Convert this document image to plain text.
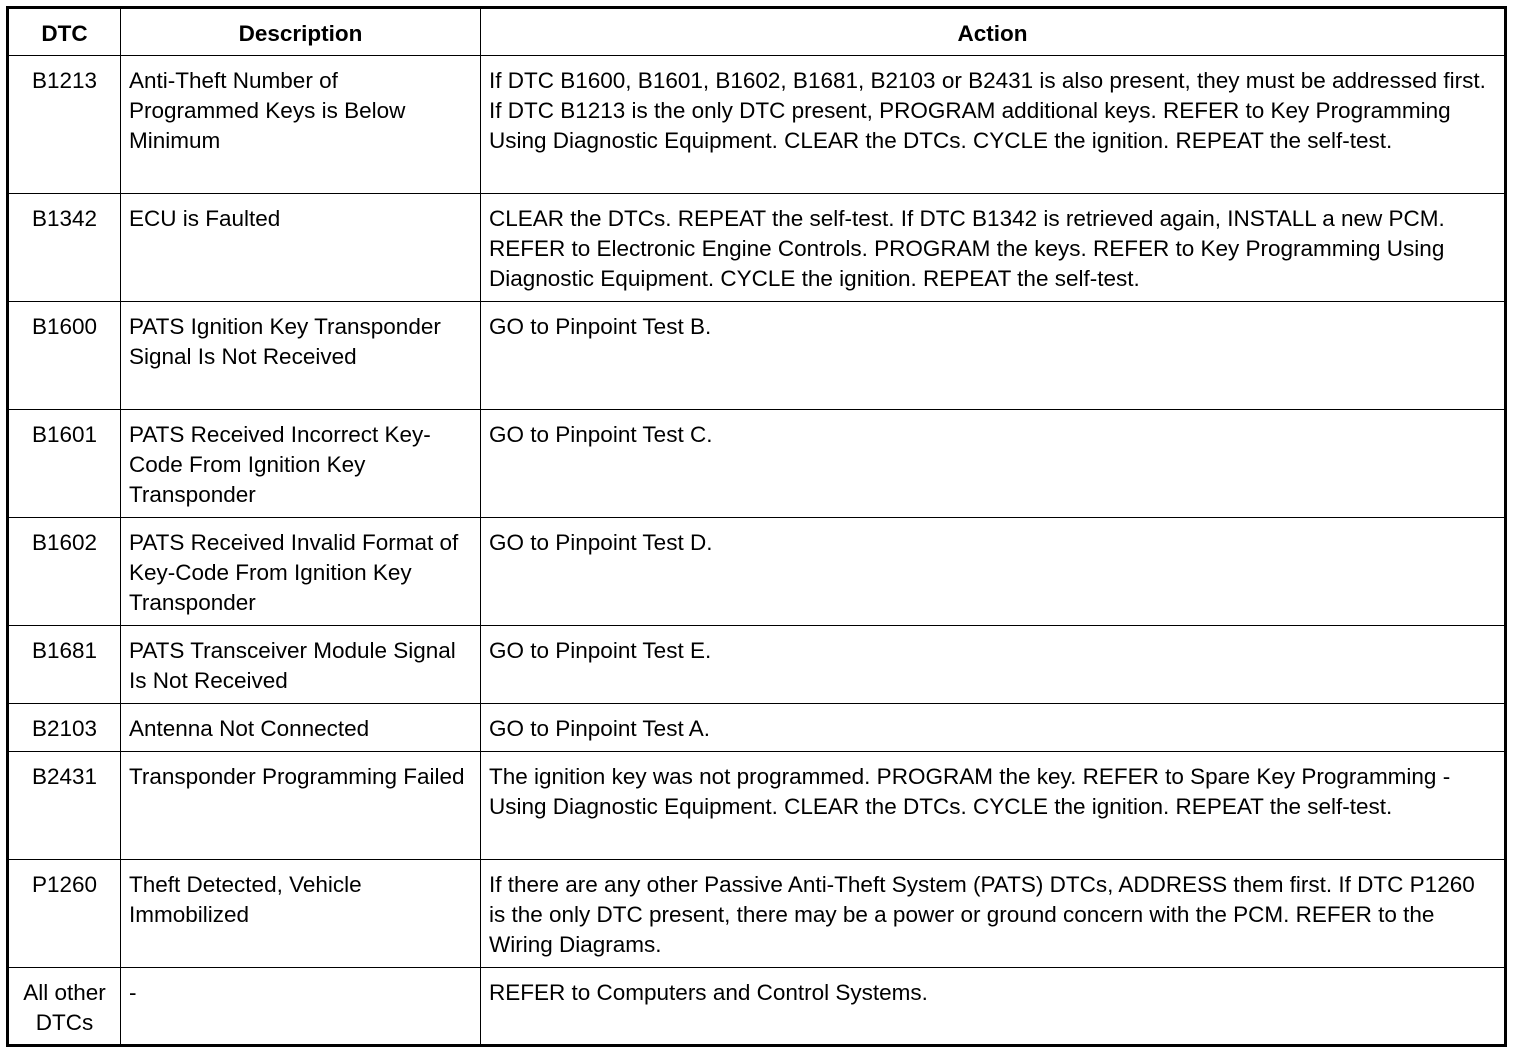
DTC	Description	Action
B1213	Anti-Theft Number of Programmed Keys is Below Minimum	If DTC B1600, B1601, B1602, B1681, B2103 or B2431 is also present, they must be addressed first. If DTC B1213 is the only DTC present, PROGRAM additional keys. REFER to Key Programming Using Diagnostic Equipment. CLEAR the DTCs. CYCLE the ignition. REPEAT the self-test.
B1342	ECU is Faulted	CLEAR the DTCs. REPEAT the self-test. If DTC B1342 is retrieved again, INSTALL a new PCM. REFER to Electronic Engine Controls. PROGRAM the keys. REFER to Key Programming Using Diagnostic Equipment. CYCLE the ignition. REPEAT the self-test.
B1600	PATS Ignition Key Transponder Signal Is Not Received	GO to Pinpoint Test B.
B1601	PATS Received Incorrect Key-Code From Ignition Key Transponder	GO to Pinpoint Test C.
B1602	PATS Received Invalid Format of Key-Code From Ignition Key Transponder	GO to Pinpoint Test D.
B1681	PATS Transceiver Module Signal Is Not Received	GO to Pinpoint Test E.
B2103	Antenna Not Connected	GO to Pinpoint Test A.
B2431	Transponder Programming Failed	The ignition key was not programmed. PROGRAM the key. REFER to Spare Key Programming - Using Diagnostic Equipment. CLEAR the DTCs. CYCLE the ignition. REPEAT the self-test.
P1260	Theft Detected, Vehicle Immobilized	If there are any other Passive Anti-Theft System (PATS) DTCs, ADDRESS them first. If DTC P1260 is the only DTC present, there may be a power or ground concern with the PCM. REFER to the Wiring Diagrams.
All other DTCs	-	REFER to Computers and Control Systems.
